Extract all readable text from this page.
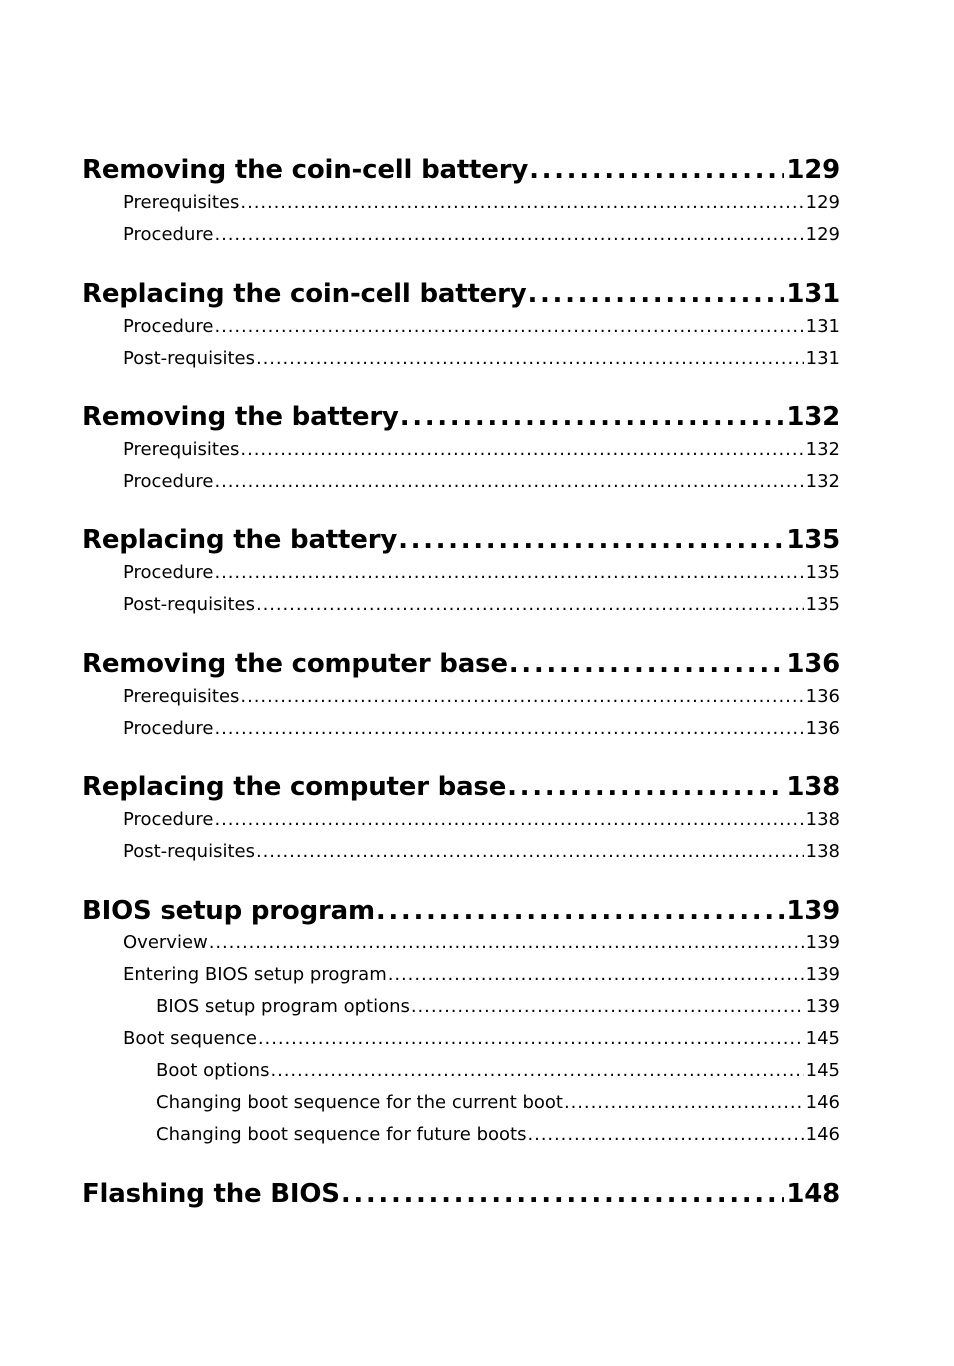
Removing the coin-cell battery . . .	129
Prerequisites . . .	129
Procedure . . .	129
Replacing the coin-cell battery . . .	131
Procedure . . .	131
Post-requisites . . .	131
Removing the battery . . .	132
Prerequisites . . .	132
Procedure . . .	132
Replacing the battery . . .	135
Procedure . . .	135
Post-requisites . . .	135
Removing the computer base . . .	136
Prerequisites . . .	136
Procedure . . .	136
Replacing the computer base . . .	138
Procedure . . .	138
Post-requisites . . .	138
BIOS setup program . . .	139
Overview . . .	139
Entering BIOS setup program . . .	139
BIOS setup program options . . .	139
Boot sequence . . .	145
Boot options . . .	145
Changing boot sequence for the current boot . . .	146
Changing boot sequence for future boots . . .	146
Flashing the BIOS . . .	148
